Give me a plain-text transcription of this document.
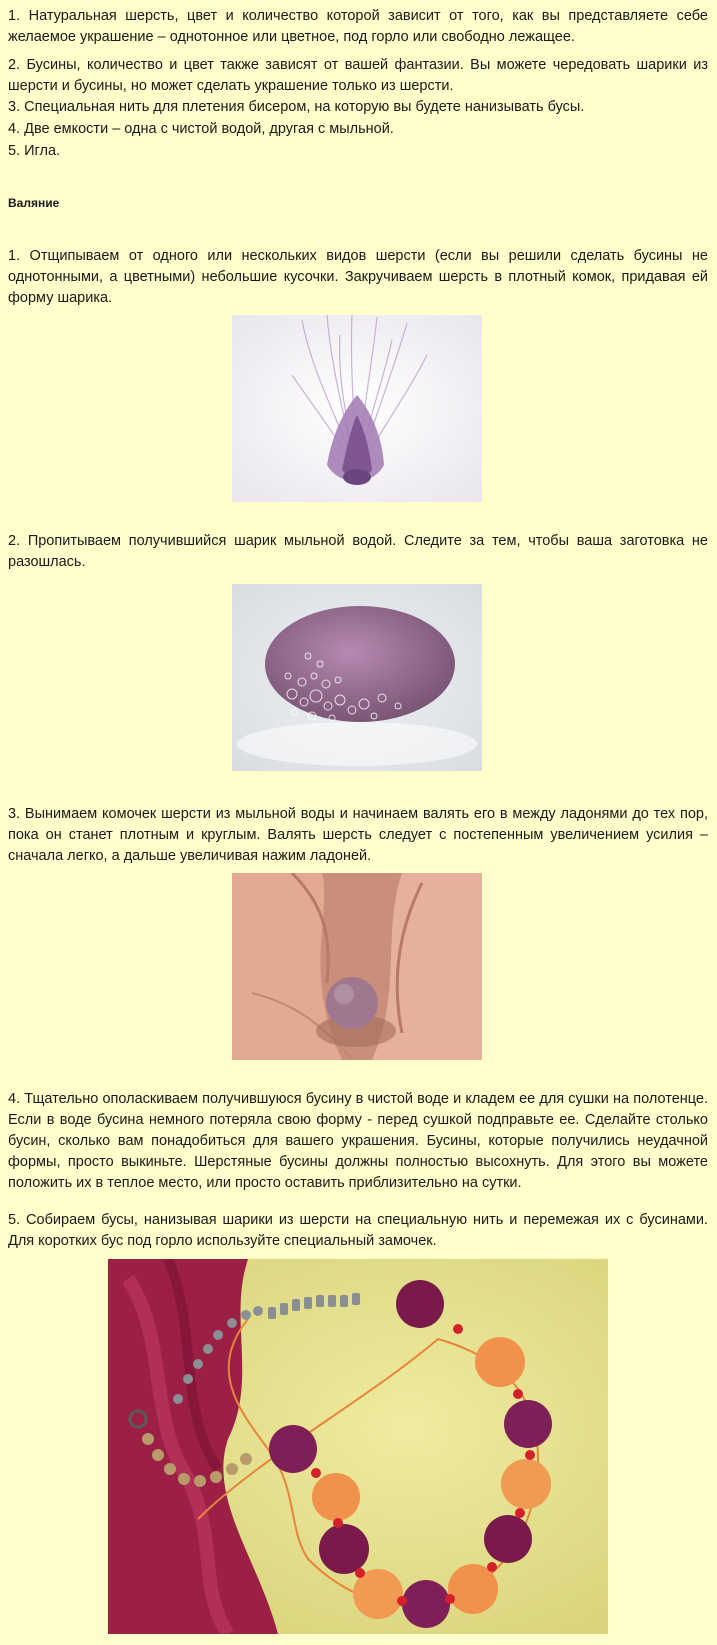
1. Натуральная шерсть, цвет и количество которой зависит от того, как вы представляете себе желаемое украшение – однотонное или цветное, под горло или свободно лежащее.
2. Бусины, количество и цвет также зависят от вашей фантазии. Вы можете чередовать шарики из шерсти и бусины, но может сделать украшение только из шерсти.
3. Специальная нить для плетения бисером, на которую вы будете нанизывать бусы.
4. Две емкости – одна с чистой водой, другая с мыльной.
5. Игла.
Валяние
1. Отщипываем от одного или нескольких видов шерсти (если вы решили сделать бусины не однотонными, а цветными) небольшие кусочки. Закручиваем шерсть в плотный комок, придавая ей форму шарика.
2. Пропитываем получившийся шарик мыльной водой. Следите за тем, чтобы ваша заготовка не разошлась.
3. Вынимаем комочек шерсти из мыльной воды и начинаем валять его в между ладонями до тех пор, пока он станет плотным и круглым. Валять шерсть следует с постепенным увеличением усилия – сначала легко, а дальше увеличивая нажим ладоней.
4. Тщательно ополаскиваем получившуюся бусину в чистой воде и кладем ее для сушки на полотенце. Если в воде бусина немного потеряла свою форму - перед сушкой подправьте ее. Сделайте столько бусин, сколько вам понадобиться для вашего украшения. Бусины, которые получились неудачной формы, просто выкиньте. Шерстяные бусины должны полностью высохнуть. Для этого вы можете положить их в теплое место, или просто оставить приблизительно на сутки.
5. Собираем бусы, нанизывая шарики из шерсти на специальную нить и перемежая их с бусинами. Для коротких бус под горло используйте специальный замочек.
